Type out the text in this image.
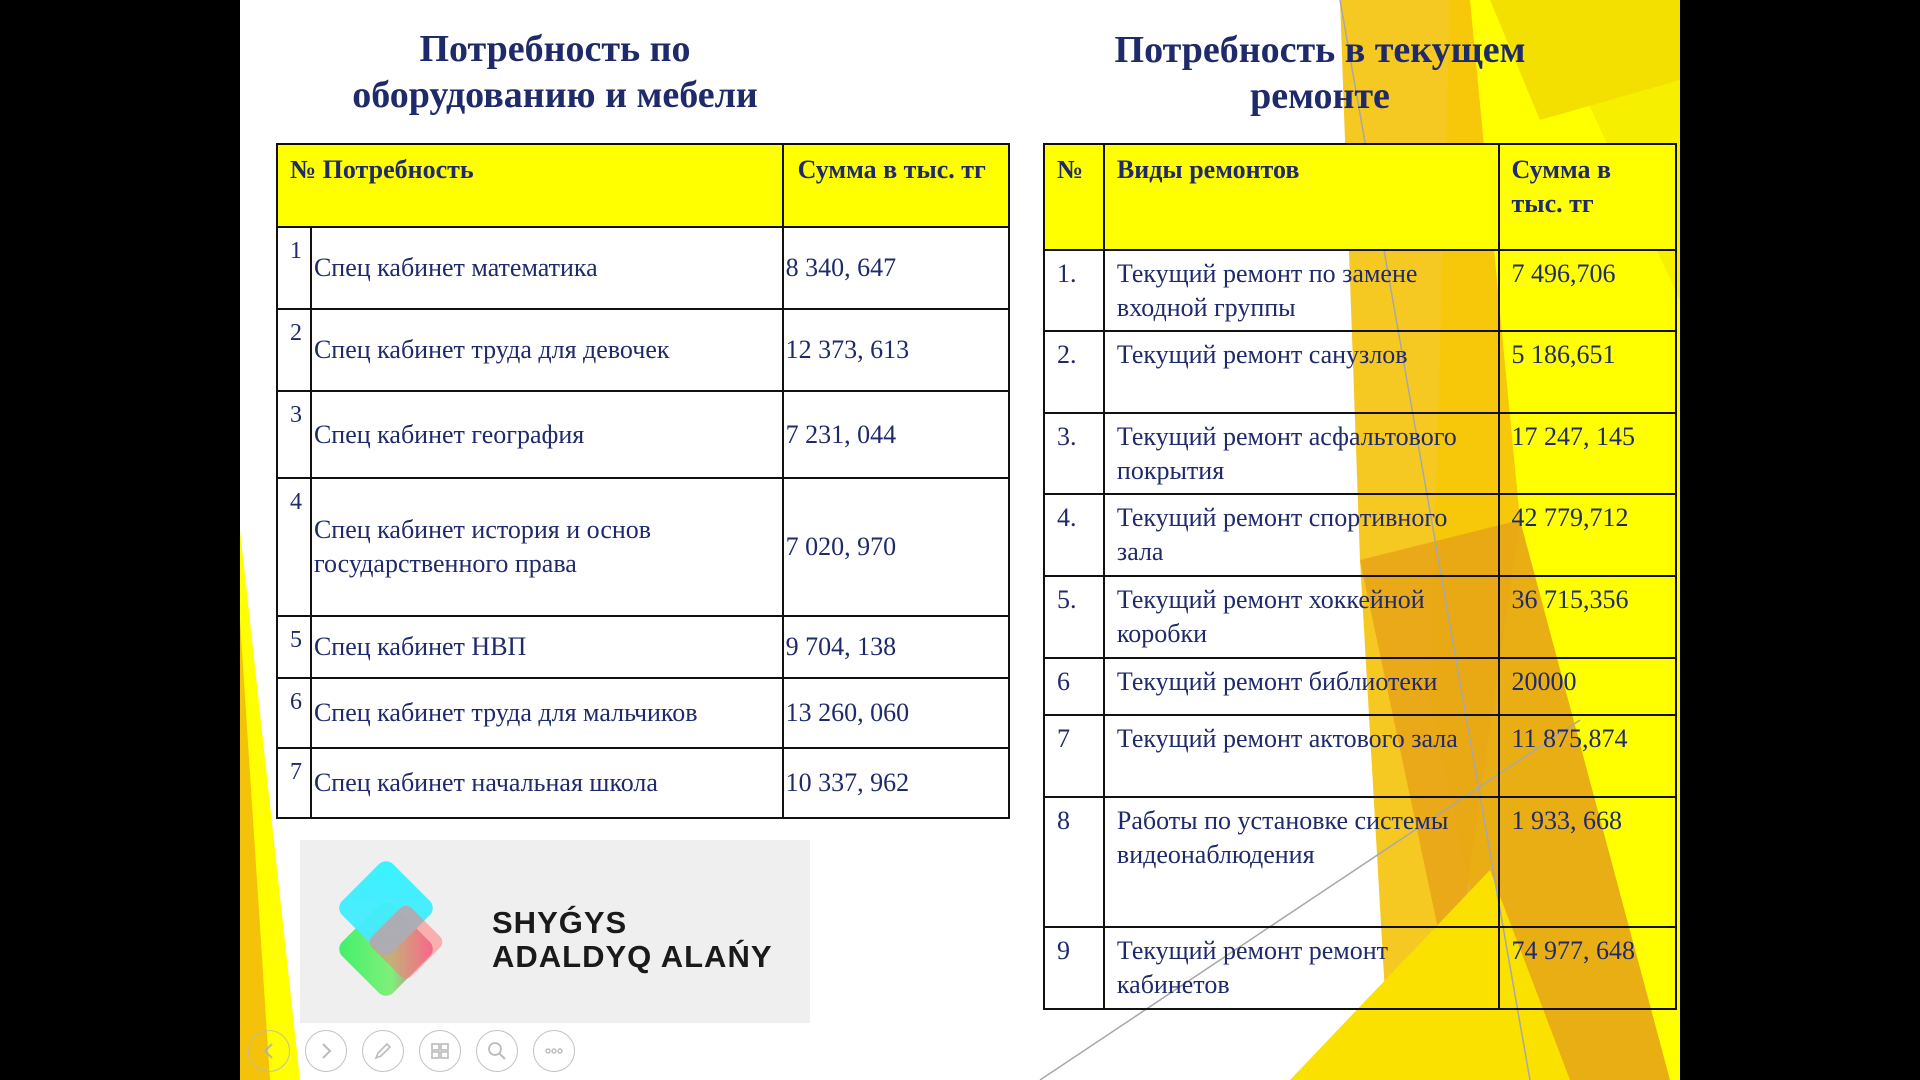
Потребность по
оборудованию и мебели
Потребность в текущем
ремонте
№ Потребность		Сумма в тыс. тг
1	Спец кабинет математика	8 340, 647
2	Спец кабинет труда для девочек	12 373, 613
3	Спец кабинет география	7 231, 044
4	Спец кабинет история и основ государственного права	7 020, 970
5	Спец кабинет НВП	9 704, 138
6	Спец кабинет труда для мальчиков	13 260, 060
7	Спец кабинет начальная школа	10 337, 962
№	Виды ремонтов	Сумма в тыс. тг
1.	Текущий ремонт по замене входной группы	7 496,706
2.	Текущий ремонт санузлов	5 186,651
3.	Текущий ремонт асфальтового покрытия	17 247, 145
4.	Текущий ремонт спортивного зала	42 779,712
5.	Текущий ремонт хоккейной коробки	36 715,356
6	Текущий ремонт библиотеки	20000
7	Текущий ремонт актового зала	11 875,874
8	Работы по установке системы видеонаблюдения	1 933, 668
9	Текущий ремонт ремонт кабинетов	74 977, 648
SHYǴYS
ADALDYQ ALAŃY
